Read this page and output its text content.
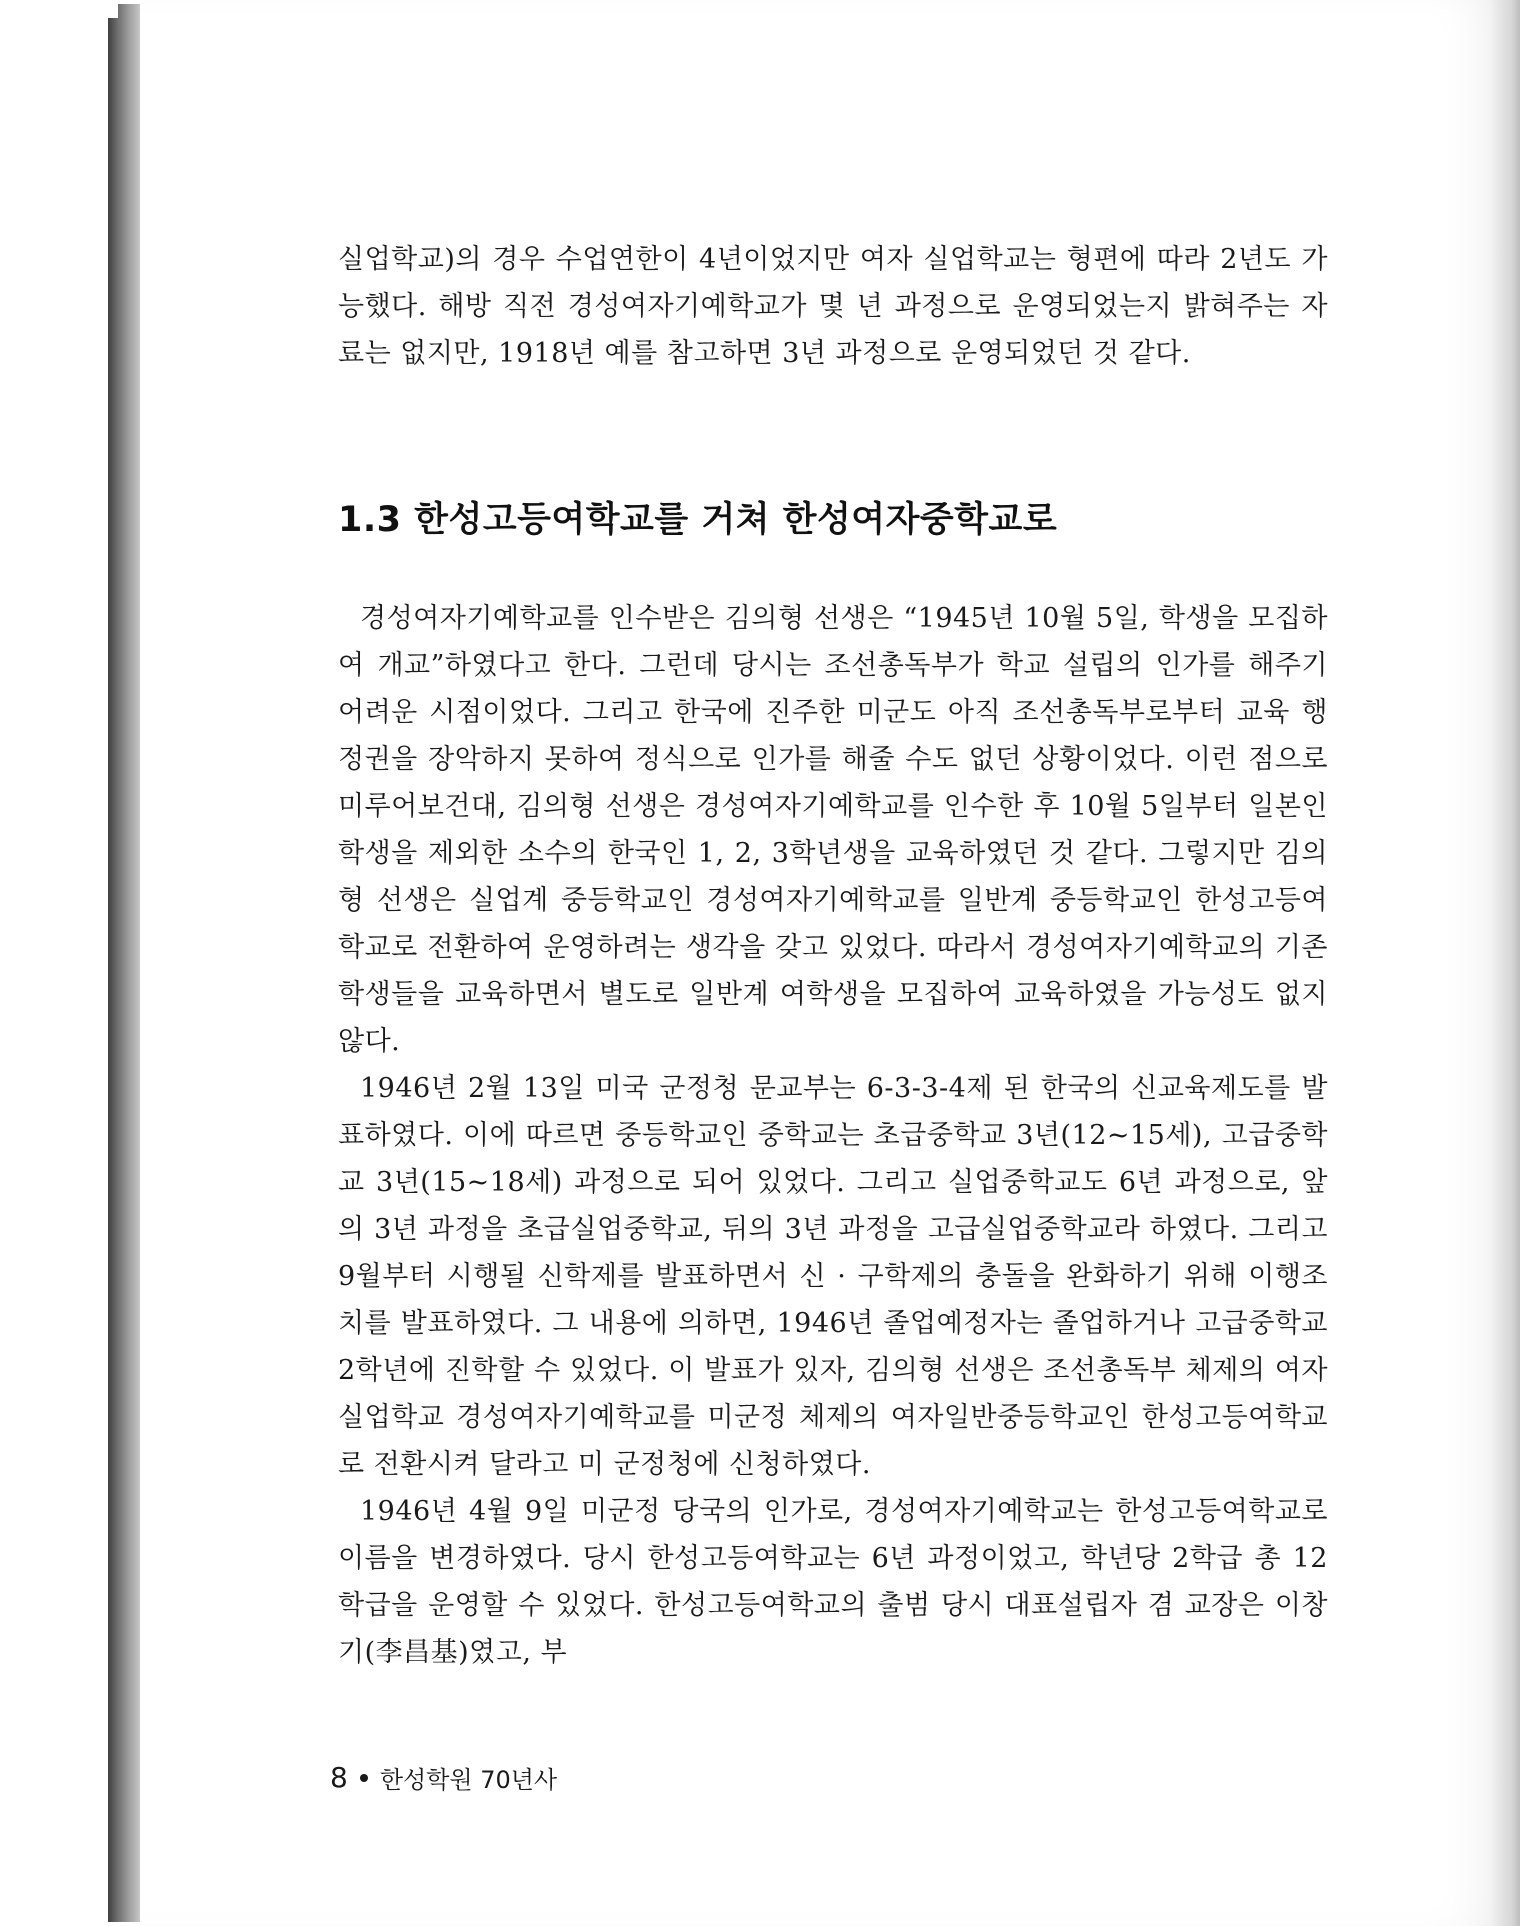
실업학교)의 경우 수업연한이 4년이었지만 여자 실업학교는 형편에 따라 2년도 가능했다. 해방 직전 경성여자기예학교가 몇 년 과정으로 운영되었는지 밝혀주는 자료는 없지만, 1918년 예를 참고하면 3년 과정으로 운영되었던 것 같다.
1.3 한성고등여학교를 거쳐 한성여자중학교로

경성여자기예학교를 인수받은 김의형 선생은 “1945년 10월 5일, 학생을 모집하여 개교”하였다고 한다. 그런데 당시는 조선총독부가 학교 설립의 인가를 해주기 어려운 시점이었다. 그리고 한국에 진주한 미군도 아직 조선총독부로부터 교육 행정권을 장악하지 못하여 정식으로 인가를 해줄 수도 없던 상황이었다. 이런 점으로 미루어보건대, 김의형 선생은 경성여자기예학교를 인수한 후 10월 5일부터 일본인 학생을 제외한 소수의 한국인 1, 2, 3학년생을 교육하였던 것 같다. 그렇지만 김의형 선생은 실업계 중등학교인 경성여자기예학교를 일반계 중등학교인 한성고등여학교로 전환하여 운영하려는 생각을 갖고 있었다. 따라서 경성여자기예학교의 기존 학생들을 교육하면서 별도로 일반계 여학생을 모집하여 교육하였을 가능성도 없지 않다.

1946년 2월 13일 미국 군정청 문교부는 6-3-3-4제 된 한국의 신교육제도를 발표하였다. 이에 따르면 중등학교인 중학교는 초급중학교 3년(12~15세), 고급중학교 3년(15~18세) 과정으로 되어 있었다. 그리고 실업중학교도 6년 과정으로, 앞의 3년 과정을 초급실업중학교, 뒤의 3년 과정을 고급실업중학교라 하였다. 그리고 9월부터 시행될 신학제를 발표하면서 신 · 구학제의 충돌을 완화하기 위해 이행조치를 발표하였다. 그 내용에 의하면, 1946년 졸업예정자는 졸업하거나 고급중학교 2학년에 진학할 수 있었다. 이 발표가 있자, 김의형 선생은 조선총독부 체제의 여자실업학교 경성여자기예학교를 미군정 체제의 여자일반중등학교인 한성고등여학교로 전환시켜 달라고 미 군정청에 신청하였다.

1946년 4월 9일 미군정 당국의 인가로, 경성여자기예학교는 한성고등여학교로 이름을 변경하였다. 당시 한성고등여학교는 6년 과정이었고, 학년당 2학급 총 12학급을 운영할 수 있었다. 한성고등여학교의 출범 당시 대표설립자 겸 교장은 이창기(李昌基)였고, 부

8 한성학원 70년사
